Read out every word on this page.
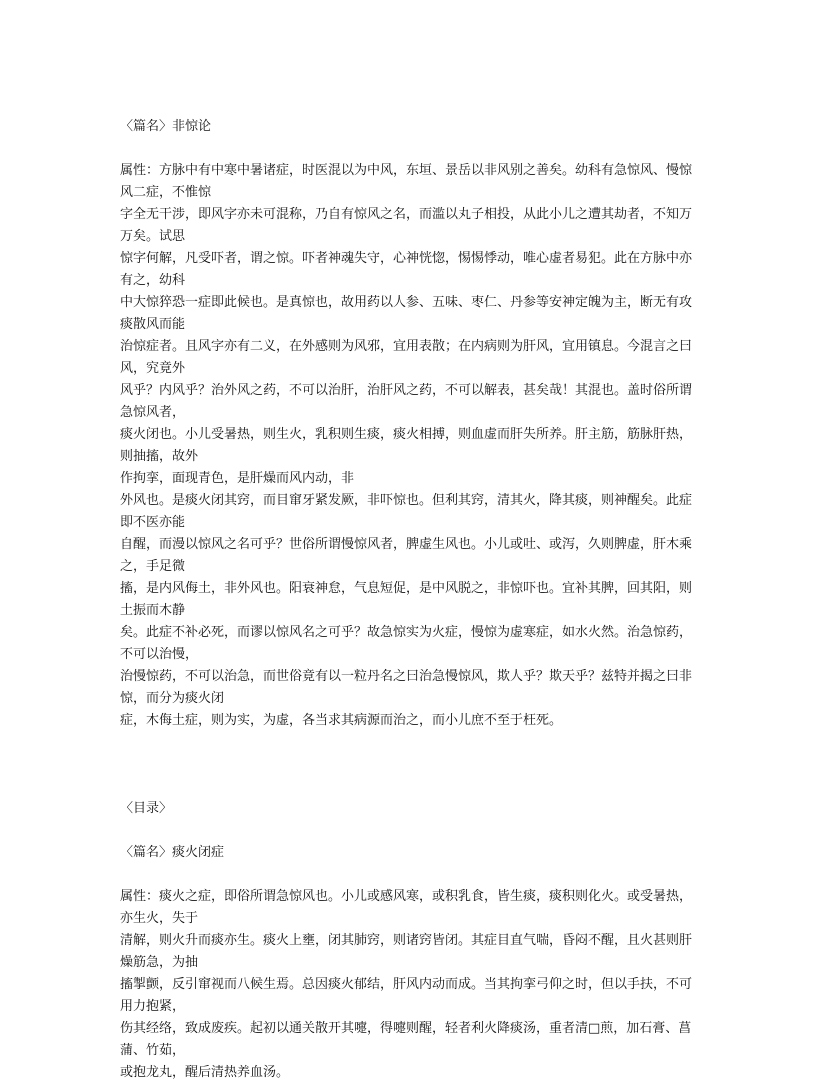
〈篇名〉非惊论

属性：方脉中有中寒中暑诸症，时医混以为中风，东垣、景岳以非风别之善矣。幼科有急惊风、慢惊风二症，不惟惊
字全无干涉，即风字亦未可混称，乃自有惊风之名，而滥以丸子相投，从此小儿之遭其劫者，不知万万矣。试思
惊字何解，凡受吓者，谓之惊。吓者神魂失守，心神恍惚，惕惕悸动，唯心虚者易犯。此在方脉中亦有之，幼科
中大惊猝恐一症即此候也。是真惊也，故用药以人参、五味、枣仁、丹参等安神定魄为主，断无有攻痰散风而能
治惊症者。且风字亦有二义，在外感则为风邪，宜用表散；在内病则为肝风，宜用镇息。今混言之曰风，究竟外
风乎？内风乎？治外风之药，不可以治肝，治肝风之药，不可以解表，甚矣哉！其混也。盖时俗所谓急惊风者，
痰火闭也。小儿受暑热，则生火，乳积则生痰，痰火相搏，则血虚而肝失所养。肝主筋，筋脉肝热，则抽搐，故外
作拘挛，面现青色，是肝燥而风内动，非
外风也。是痰火闭其窍，而目窜牙紧发厥，非吓惊也。但利其窍，清其火，降其痰，则神醒矣。此症即不医亦能
自醒，而漫以惊风之名可乎？世俗所谓慢惊风者，脾虚生风也。小儿或吐、或泻，久则脾虚，肝木乘之，手足微
搐，是内风侮土，非外风也。阳衰神怠，气息短促，是中风脱之，非惊吓也。宜补其脾，回其阳，则土振而木静
矣。此症不补必死，而谬以惊风名之可乎？故急惊实为火症，慢惊为虚寒症，如水火然。治急惊药，不可以治慢，
治慢惊药，不可以治急，而世俗竟有以一粒丹名之曰治急慢惊风，欺人乎？欺天乎？兹特并揭之曰非惊，而分为痰火闭
症，木侮土症，则为实，为虚，各当求其病源而治之，而小儿庶不至于枉死。

〈目录〉

〈篇名〉痰火闭症

属性：痰火之症，即俗所谓急惊风也。小儿或感风寒，或积乳食，皆生痰，痰积则化火。或受暑热，亦生火，失于
清解，则火升而痰亦生。痰火上壅，闭其肺窍，则诸窍皆闭。其症目直气喘，昏闷不醒，且火甚则肝燥筋急，为抽
搐掣颤，反引窜视而八候生焉。总因痰火郁结，肝风内动而成。当其拘挛弓仰之时，但以手扶，不可用力抱紧，
伤其经络，致成废疾。起初以通关散开其嚏，得嚏则醒，轻者利火降痰汤，重者清□煎，加石膏、菖蒲、竹茹，
或抱龙丸，醒后清热养血汤。
